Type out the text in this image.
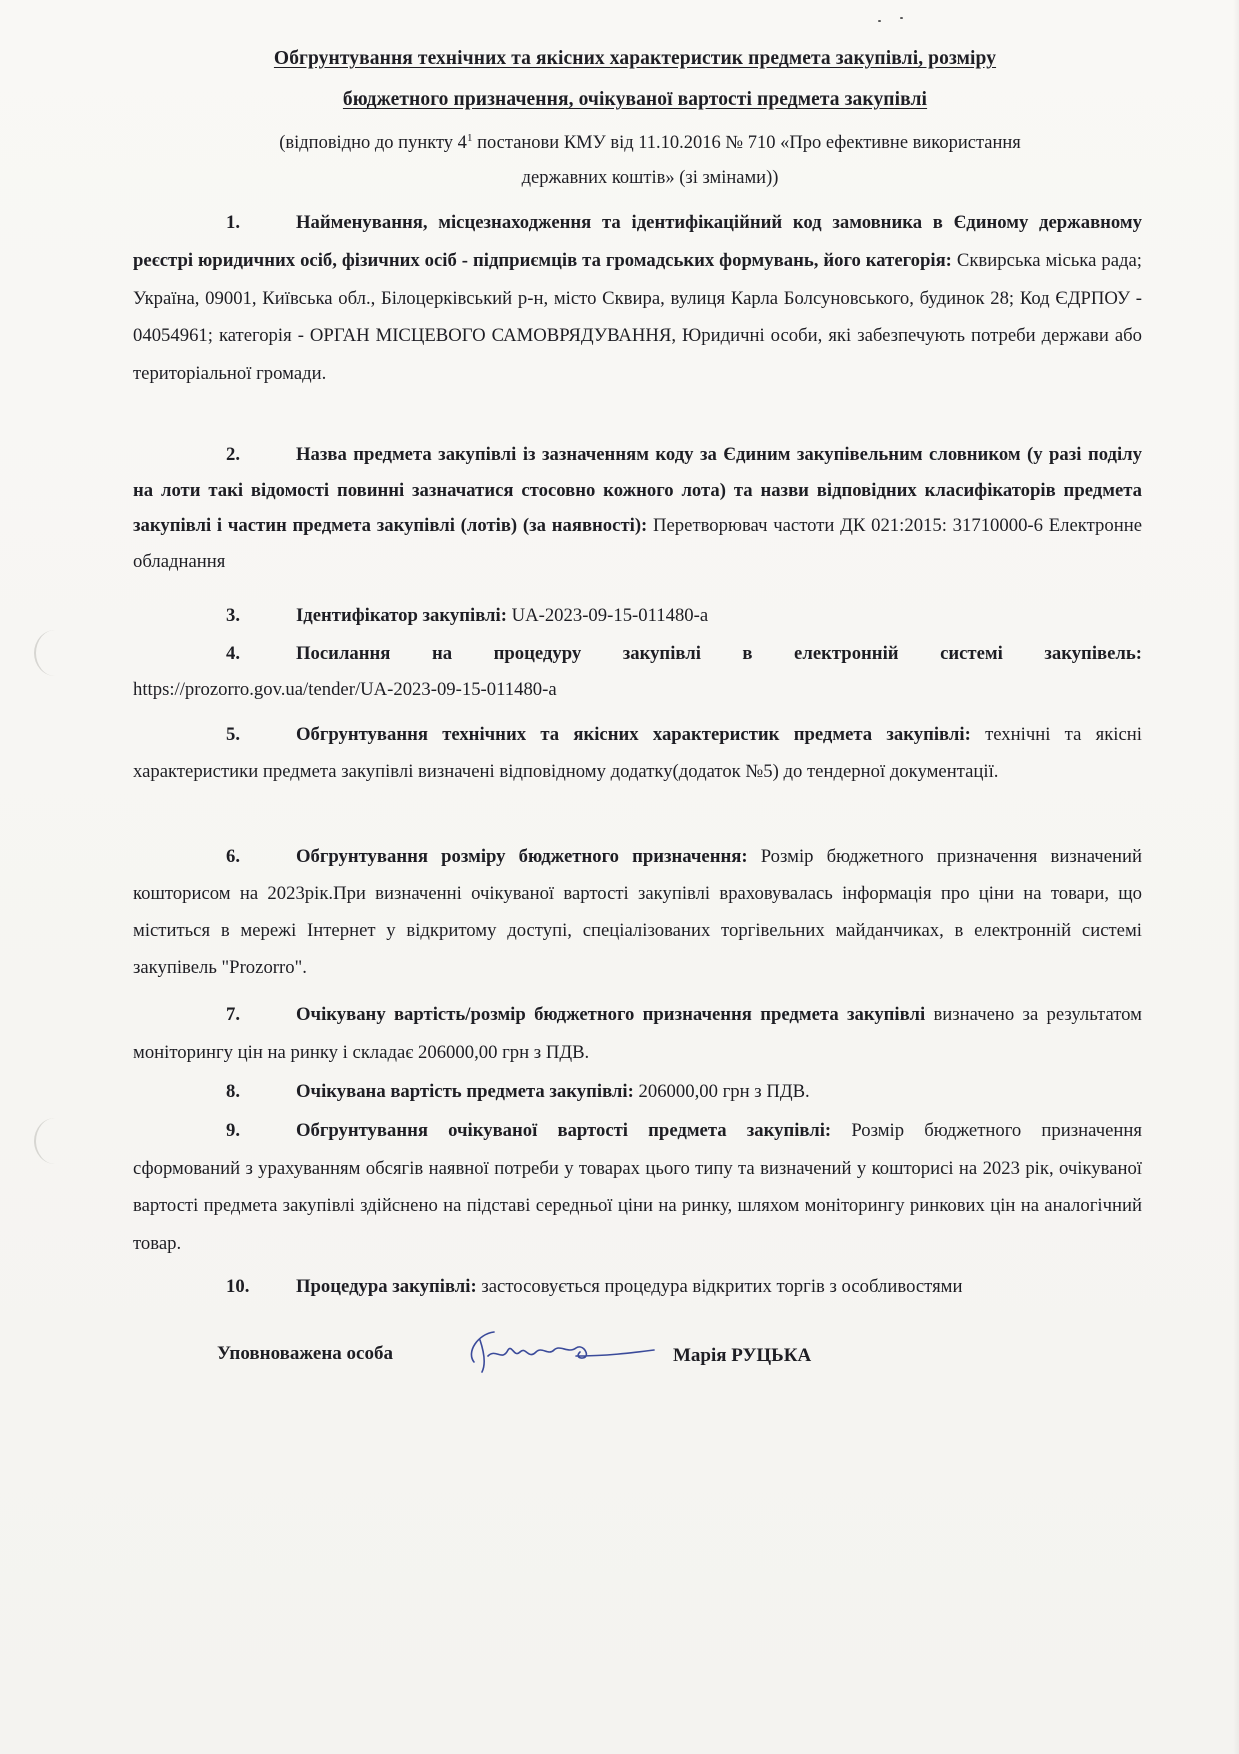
Обгрунтування технічних та якісних характеристик предмета закупівлі, розміру
бюджетного призначення, очікуваної вартості предмета закупівлі
(відповідно до пункту $4^1$ постанови КМУ від 11.10.2016 № 710 «Про ефективне використання
державних коштів» (зі змінами))
1.	Найменування, місцезнаходження та ідентифікаційний код замовника в Єдиному державному реєстрі юридичних осіб, фізичних осіб - підприємців та громадських формувань, його категорія: Сквирська міська рада; Україна, 09001, Київська обл., Білоцерківський р-н, місто Сквира, вулиця Карла Болсуновського, будинок 28; Код ЄДРПОУ - 04054961; категорія - ОРГАН МІСЦЕВОГО САМОВРЯДУВАННЯ, Юридичні особи, які забезпечують потреби держави або територіальної громади.
2.	Назва предмета закупівлі із зазначенням коду за Єдиним закупівельним словником (у разі поділу на лоти такі відомості повинні зазначатися стосовно кожного лота) та назви відповідних класифікаторів предмета закупівлі і частин предмета закупівлі (лотів) (за наявності): Перетворювач частоти ДК 021:2015: 31710000-6 Електронне обладнання
3.	Ідентифікатор закупівлі: UA-2023-09-15-011480-a
4.	Посилання на процедуру закупівлі в електронній системі закупівель: https://prozorro.gov.ua/tender/UA-2023-09-15-011480-a
5.	Обгрунтування технічних та якісних характеристик предмета закупівлі: технічні та якісні характеристики предмета закупівлі визначені відповідному додатку(додаток №5) до тендерної документації.
6.	Обгрунтування розміру бюджетного призначення: Розмір бюджетного призначення визначений кошторисом на 2023рік.При визначенні очікуваної вартості закупівлі враховувалась інформація про ціни на товари, що міститься в мережі Інтернет у відкритому доступі, спеціалізованих торгівельних майданчиках, в електронній системі закупівель "Prozorro".
7.	Очікувану вартість/розмір бюджетного призначення предмета закупівлі визначено за результатом моніторингу цін на ринку і складає 206000,00 грн з ПДВ.
8.	Очікувана вартість предмета закупівлі: 206000,00 грн з ПДВ.
9.	Обгрунтування очікуваної вартості предмета закупівлі: Розмір бюджетного призначення сформований з урахуванням обсягів наявної потреби у товарах цього типу та визначений у кошторисі на 2023 рік, очікуваної вартості предмета закупівлі здійснено на підставі середньої ціни на ринку, шляхом моніторингу ринкових цін на аналогічний товар.
10. Процедура закупівлі: застосовується процедура відкритих торгів з особливостями
Уповноважена особа	Марія РУЦЬКА
